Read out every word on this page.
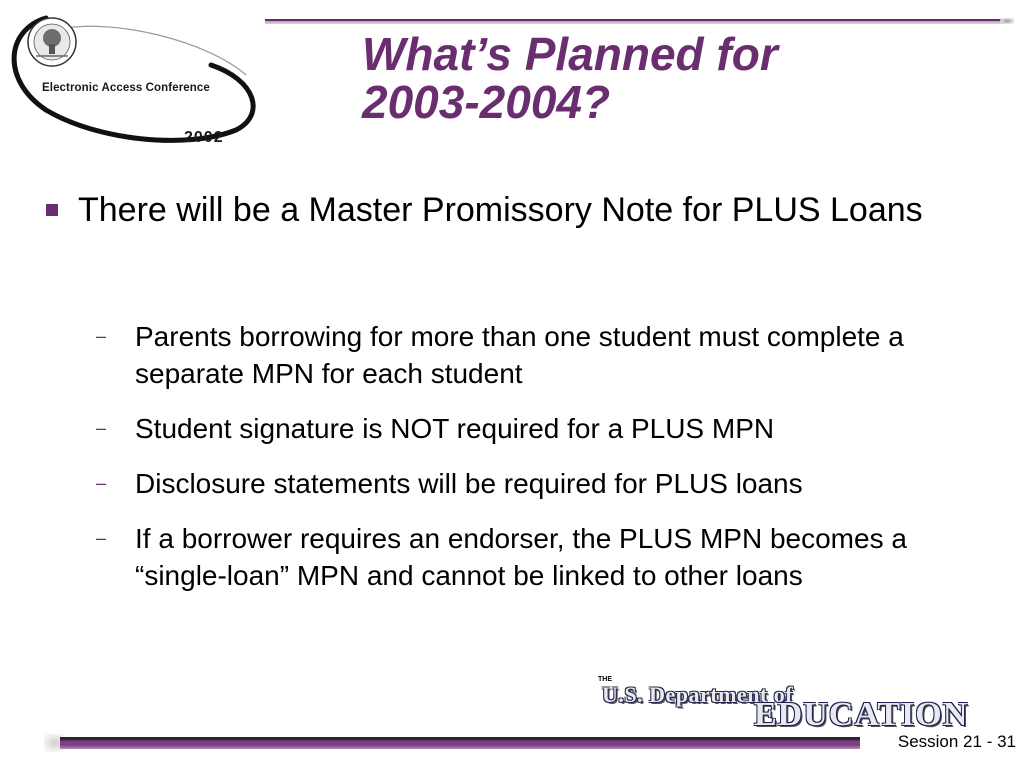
Electronic Access Conference
2002
What’s Planned for
2003-2004?
There will be a Master Promissory Note for PLUS Loans
– Parents borrowing for more than one student must complete a separate MPN for each student
– Student signature is NOT required for a PLUS MPN
– Disclosure statements will be required for PLUS loans
– If a borrower requires an endorser, the PLUS MPN becomes a “single-loan” MPN and cannot be linked to other loans
THE
U.S. Department of
EDUCATION
Session 21 - 31
